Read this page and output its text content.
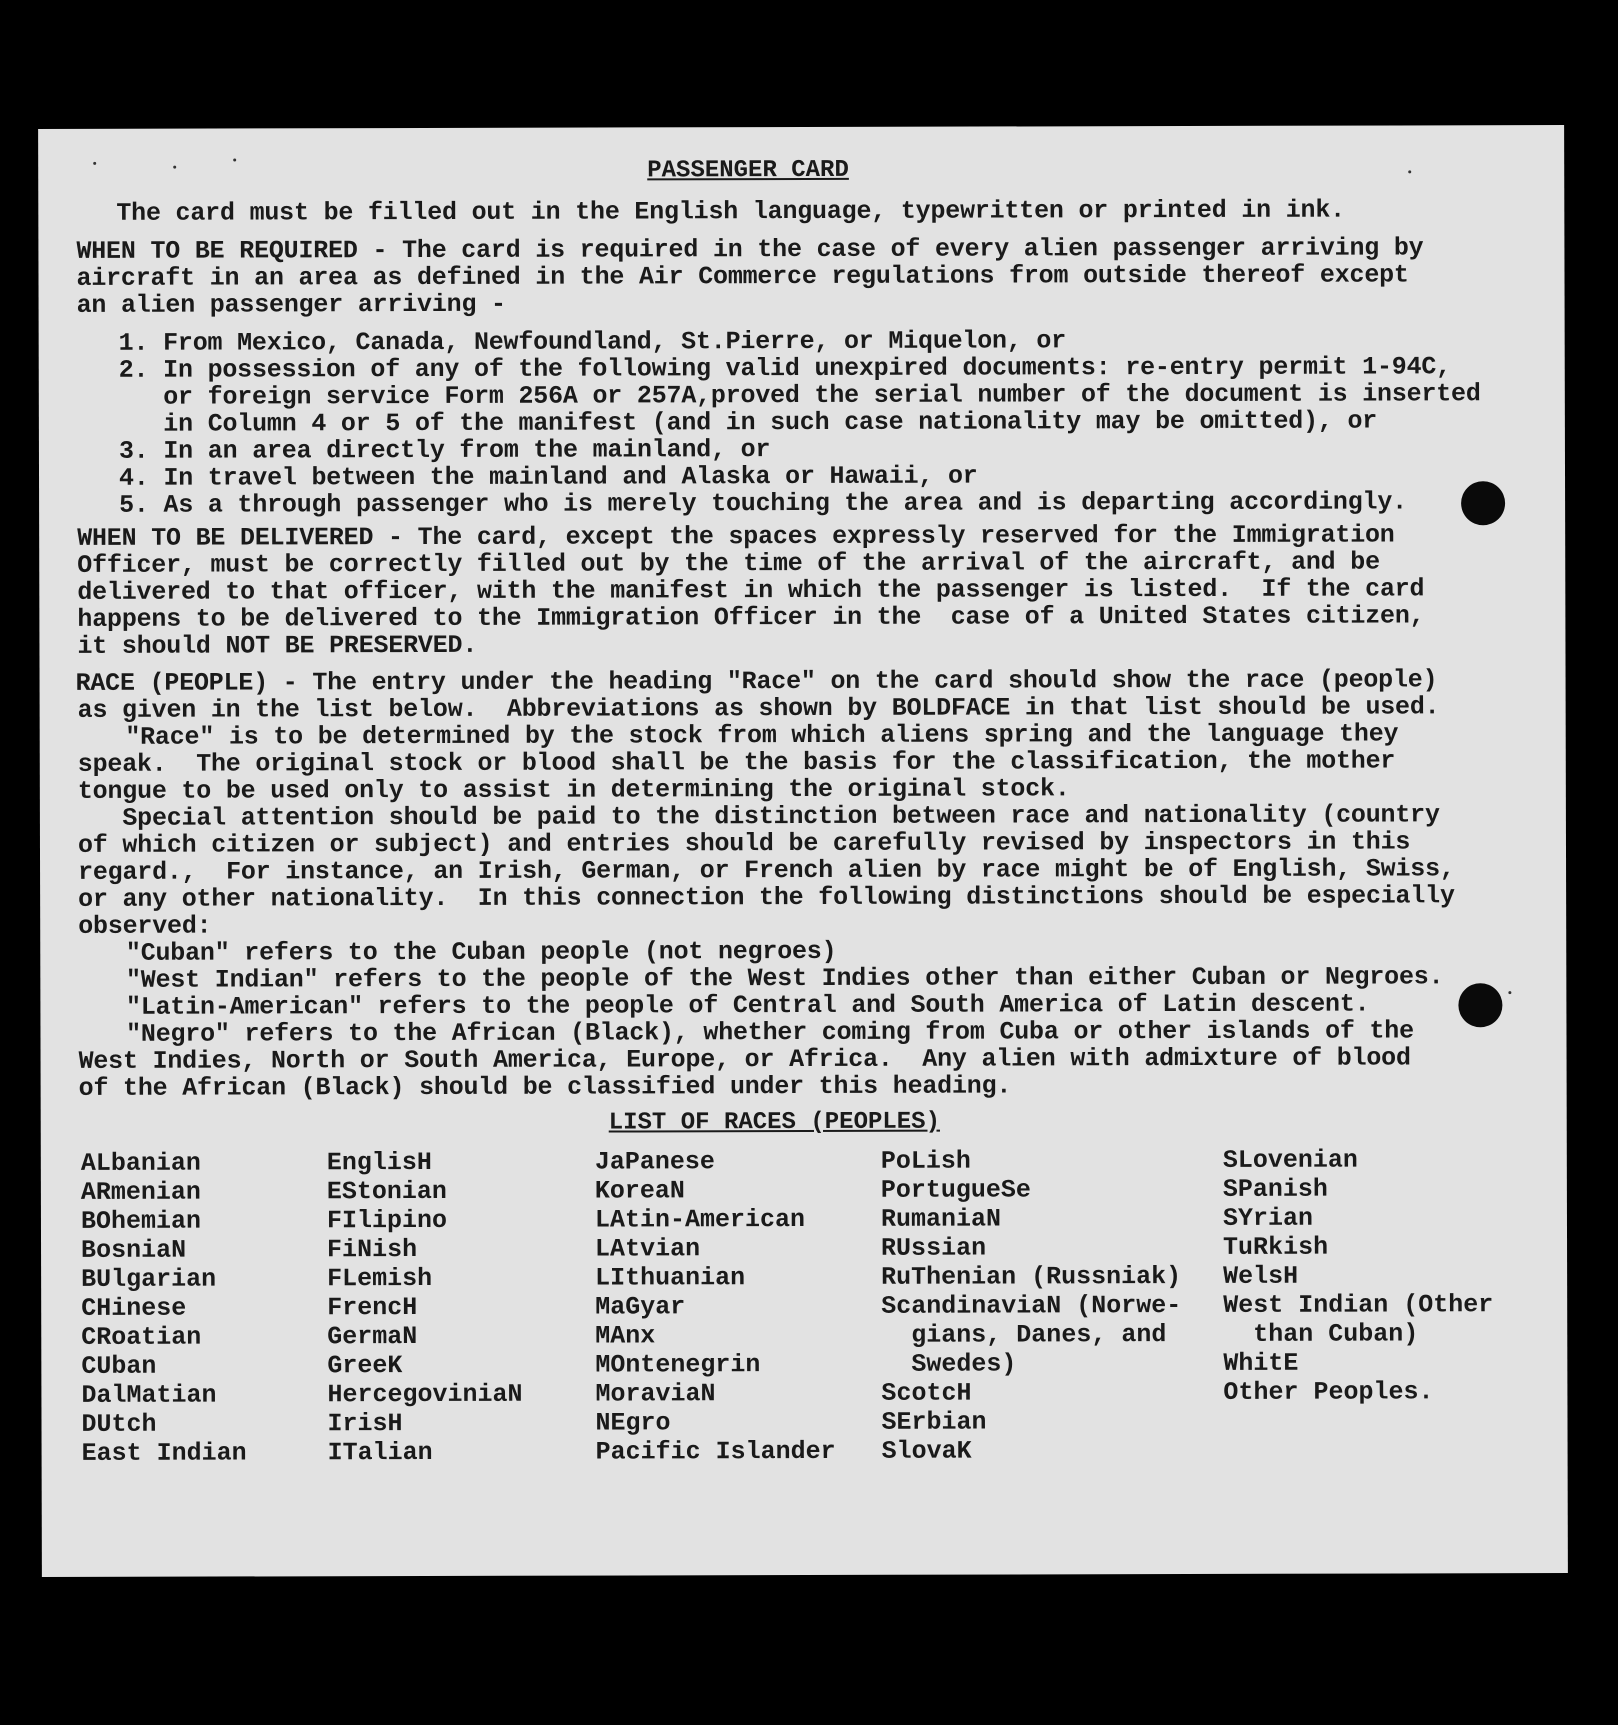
PASSENGER CARD
The card must be filled out in the English language, typewritten or printed in ink.
WHEN TO BE REQUIRED - The card is required in the case of every alien passenger arriving by
aircraft in an area as defined in the Air Commerce regulations from outside thereof except
an alien passenger arriving -
1. From Mexico, Canada, Newfoundland, St.Pierre, or Miquelon, or
2. In possession of any of the following valid unexpired documents: re-entry permit 1-94C,
or foreign service Form 256A or 257A,proved the serial number of the document is inserted
in Column 4 or 5 of the manifest (and in such case nationality may be omitted), or
3. In an area directly from the mainland, or
4. In travel between the mainland and Alaska or Hawaii, or
5. As a through passenger who is merely touching the area and is departing accordingly.
WHEN TO BE DELIVERED - The card, except the spaces expressly reserved for the Immigration
Officer, must be correctly filled out by the time of the arrival of the aircraft, and be
delivered to that officer, with the manifest in which the passenger is listed.  If the card
happens to be delivered to the Immigration Officer in the  case of a United States citizen,
it should NOT BE PRESERVED.
RACE (PEOPLE) - The entry under the heading "Race" on the card should show the race (people)
as given in the list below.  Abbreviations as shown by BOLDFACE in that list should be used.
"Race" is to be determined by the stock from which aliens spring and the language they
speak.  The original stock or blood shall be the basis for the classification, the mother
tongue to be used only to assist in determining the original stock.
Special attention should be paid to the distinction between race and nationality (country
of which citizen or subject) and entries should be carefully revised by inspectors in this
regard.,  For instance, an Irish, German, or French alien by race might be of English, Swiss,
or any other nationality.  In this connection the following distinctions should be especially
observed:
"Cuban" refers to the Cuban people (not negroes)
"West Indian" refers to the people of the West Indies other than either Cuban or Negroes.
"Latin-American" refers to the people of Central and South America of Latin descent.
"Negro" refers to the African (Black), whether coming from Cuba or other islands of the
West Indies, North or South America, Europe, or Africa.  Any alien with admixture of blood
of the African (Black) should be classified under this heading.
LIST OF RACES (PEOPLES)
ALbanian
ARmenian
BOhemian
BosniaN
BUlgarian
CHinese
CRoatian
CUban
DalMatian
DUtch
East Indian
EnglisH
EStonian
FIlipino
FiNish
FLemish
FrencH
GermaN
GreeK
HercegoviniaN
IrisH
ITalian
JaPanese
KoreaN
LAtin-American
LAtvian
LIthuanian
MaGyar
MAnx
MOntenegrin
MoraviaN
NEgro
Pacific Islander
PoLish
PortugueSe
RumaniaN
RUssian
RuThenian (Russniak)
ScandinaviaN (Norwe-
gians, Danes, and
Swedes)
ScotcH
SErbian
SlovaK
SLovenian
SPanish
SYrian
TuRkish
WelsH
West Indian (Other
than Cuban)
WhitE
Other Peoples.
